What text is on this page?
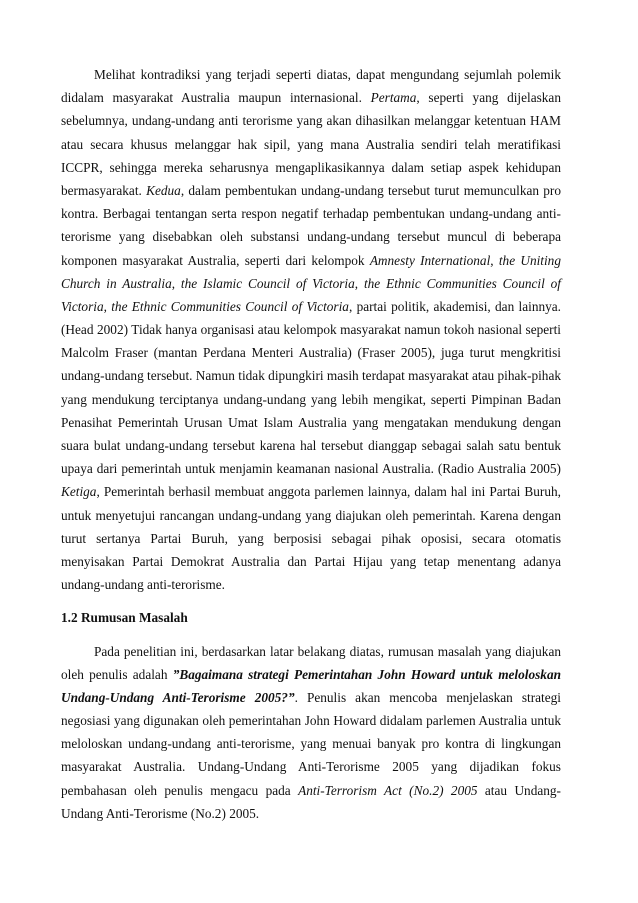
Melihat kontradiksi yang terjadi seperti diatas, dapat mengundang sejumlah polemik
didalam masyarakat Australia maupun internasional. Pertama, seperti yang dijelaskan
sebelumnya, undang-undang anti terorisme yang akan dihasilkan melanggar ketentuan HAM
atau secara khusus melanggar hak sipil, yang mana Australia sendiri telah meratifikasi
ICCPR, sehingga mereka seharusnya mengaplikasikannya dalam setiap aspek kehidupan
bermasyarakat. Kedua, dalam pembentukan undang-undang tersebut turut memunculkan pro
kontra. Berbagai tentangan serta respon negatif terhadap pembentukan undang-undang anti-
terorisme yang disebabkan oleh substansi undang-undang tersebut muncul di beberapa
komponen masyarakat Australia, seperti dari kelompok Amnesty International, the Uniting
Church in Australia, the Islamic Council of Victoria, the Ethnic Communities Council of
Victoria, the Ethnic Communities Council of Victoria, partai politik, akademisi, dan lainnya.
(Head 2002) Tidak hanya organisasi atau kelompok masyarakat namun tokoh nasional seperti
Malcolm Fraser (mantan Perdana Menteri Australia) (Fraser 2005), juga turut mengkritisi
undang-undang tersebut. Namun tidak dipungkiri masih terdapat masyarakat atau pihak-pihak
yang mendukung terciptanya undang-undang yang lebih mengikat, seperti Pimpinan Badan
Penasihat Pemerintah Urusan Umat Islam Australia yang mengatakan mendukung dengan
suara bulat undang-undang tersebut karena hal tersebut dianggap sebagai salah satu bentuk
upaya dari pemerintah untuk menjamin keamanan nasional Australia. (Radio Australia 2005)
Ketiga, Pemerintah berhasil membuat anggota parlemen lainnya, dalam hal ini Partai Buruh,
untuk menyetujui rancangan undang-undang yang diajukan oleh pemerintah. Karena dengan
turut sertanya Partai Buruh, yang berposisi sebagai pihak oposisi, secara otomatis
menyisakan Partai Demokrat Australia dan Partai Hijau yang tetap menentang adanya
undang-undang anti-terorisme.
1.2 Rumusan Masalah
Pada penelitian ini, berdasarkan latar belakang diatas, rumusan masalah yang diajukan
oleh penulis adalah ”Bagaimana strategi Pemerintahan John Howard untuk meloloskan
Undang-Undang Anti-Terorisme 2005?”. Penulis akan mencoba menjelaskan strategi
negosiasi yang digunakan oleh pemerintahan John Howard didalam parlemen Australia untuk
meloloskan undang-undang anti-terorisme, yang menuai banyak pro kontra di lingkungan
masyarakat Australia. Undang-Undang Anti-Terorisme 2005 yang dijadikan fokus
pembahasan oleh penulis mengacu pada Anti-Terrorism Act (No.2) 2005 atau Undang-
Undang Anti-Terorisme (No.2) 2005.
